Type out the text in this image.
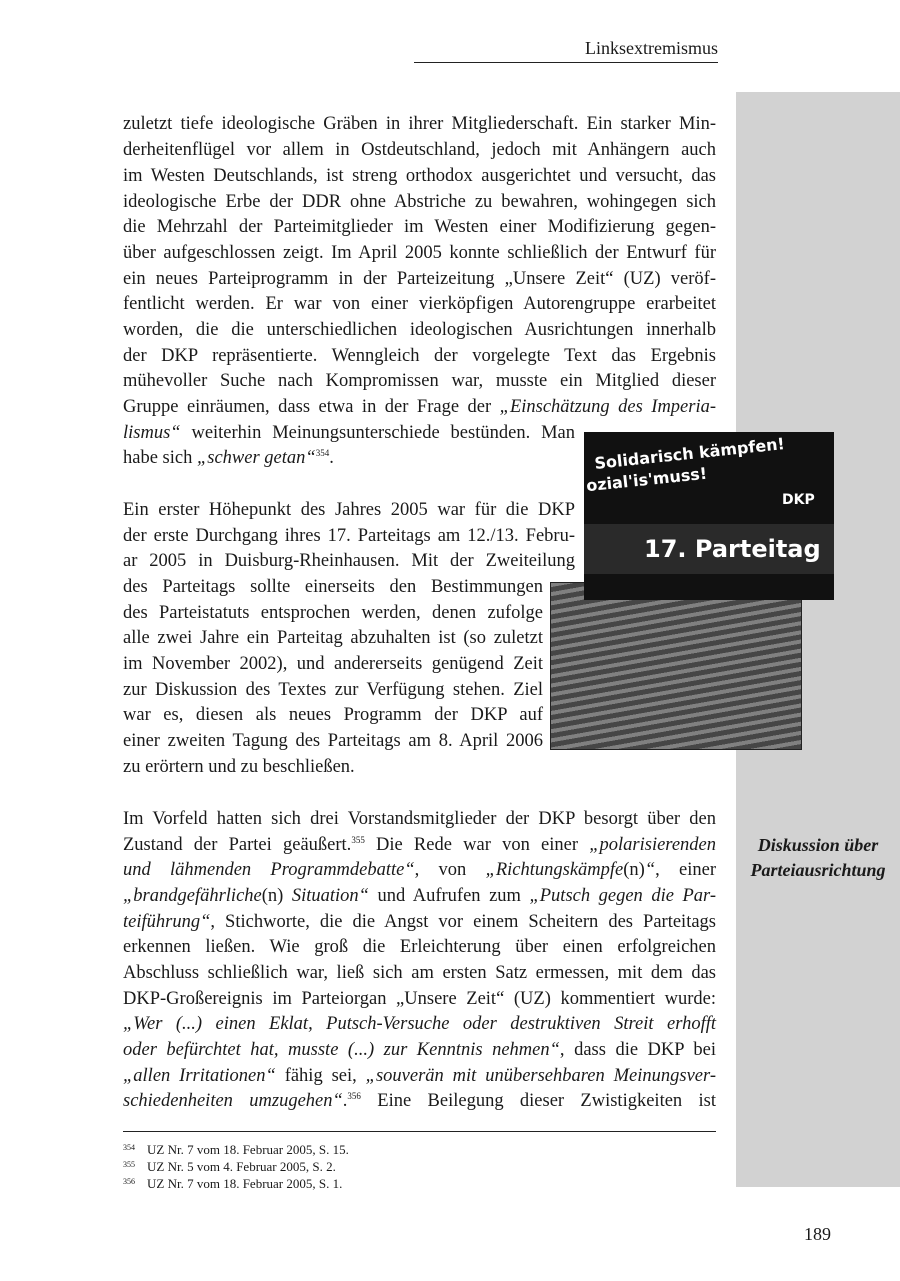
Linksextremismus
Diskussion über
Parteiausrichtung
zuletzt tiefe ideologische Gräben in ihrer Mitgliederschaft. Ein starker Min-
derheitenflügel vor allem in Ostdeutschland, jedoch mit Anhängern auch
im Westen Deutschlands, ist streng orthodox ausgerichtet und versucht, das
ideologische Erbe der DDR ohne Abstriche zu bewahren, wohingegen sich
die Mehrzahl der Parteimitglieder im Westen einer Modifizierung gegen-
über aufgeschlossen zeigt. Im April 2005 konnte schließlich der Entwurf für
ein neues Parteiprogramm in der Parteizeitung „Unsere Zeit“ (UZ) veröf-
fentlicht werden. Er war von einer vierköpfigen Autorengruppe erarbeitet
worden, die die unterschiedlichen ideologischen Ausrichtungen innerhalb
der DKP repräsentierte. Wenngleich der vorgelegte Text das Ergebnis
mühevoller Suche nach Kompromissen war, musste ein Mitglied dieser
Gruppe einräumen, dass etwa in der Frage der „Einschätzung des Imperia-
lismus“ weiterhin Meinungsunterschiede bestünden. Man
habe sich „schwer getan“$^{354}$.
Ein erster Höhepunkt des Jahres 2005 war für die DKP
der erste Durchgang ihres 17. Parteitags am 12./13. Febru-
ar 2005 in Duisburg-Rheinhausen. Mit der Zweiteilung
des Parteitags sollte einerseits den Bestimmungen
des Parteistatuts entsprochen werden, denen zufolge
alle zwei Jahre ein Parteitag abzuhalten ist (so zuletzt
im November 2002), und andererseits genügend Zeit
zur Diskussion des Textes zur Verfügung stehen. Ziel
war es, diesen als neues Programm der DKP auf
einer zweiten Tagung des Parteitags am 8. April 2006
zu erörtern und zu beschließen.
Solidarisch kämpfen!
ozial'is'muss!
17. Parteitag
DKP
Im Vorfeld hatten sich drei Vorstandsmitglieder der DKP besorgt über den
Zustand der Partei geäußert.$^{355}$ Die Rede war von einer „polarisierenden
und lähmenden Programmdebatte“, von „Richtungskämpfe(n)“, einer
„brandgefährliche(n) Situation“ und Aufrufen zum „Putsch gegen die Par-
teiführung“, Stichworte, die die Angst vor einem Scheitern des Parteitags
erkennen ließen. Wie groß die Erleichterung über einen erfolgreichen
Abschluss schließlich war, ließ sich am ersten Satz ermessen, mit dem das
DKP-Großereignis im Parteiorgan „Unsere Zeit“ (UZ) kommentiert wurde:
„Wer (...) einen Eklat, Putsch-Versuche oder destruktiven Streit erhofft
oder befürchtet hat, musste (...) zur Kenntnis nehmen“, dass die DKP bei
„allen Irritationen“ fähig sei, „souverän mit unübersehbaren Meinungsver-
schiedenheiten umzugehen“.$^{356}$ Eine Beilegung dieser Zwistigkeiten ist
354 UZ Nr. 7 vom 18. Februar 2005, S. 15.
355 UZ Nr. 5 vom 4. Februar 2005, S. 2.
356 UZ Nr. 7 vom 18. Februar 2005, S. 1.
189
